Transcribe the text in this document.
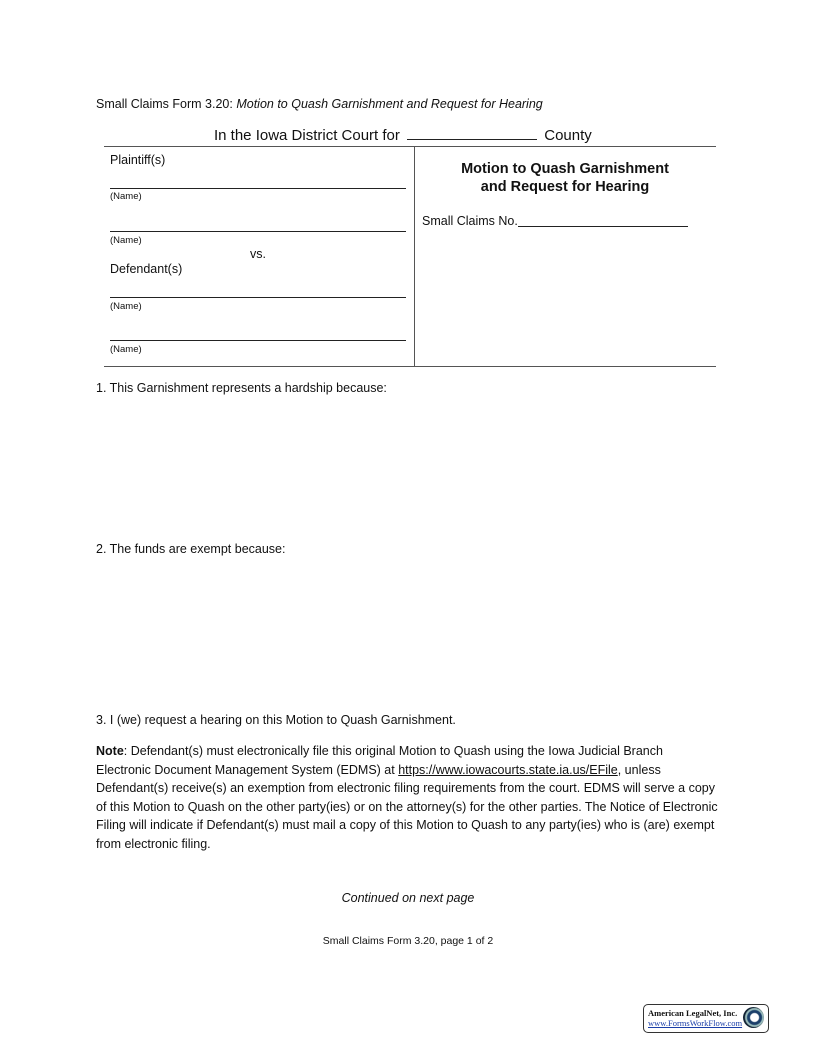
Small Claims Form 3.20: Motion to Quash Garnishment and Request for Hearing
In the Iowa District Court for	County
Plaintiff(s)
(Name)
(Name)
vs.
Defendant(s)
(Name)
(Name)
Motion to Quash Garnishment
and Request for Hearing
Small Claims No.
1. This Garnishment represents a hardship because:
2. The funds are exempt because:
3. I (we) request a hearing on this Motion to Quash Garnishment.
Note: Defendant(s) must electronically file this original Motion to Quash using the Iowa Judicial Branch Electronic Document Management System (EDMS) at https://www.iowacourts.state.ia.us/EFile, unless Defendant(s) receive(s) an exemption from electronic filing requirements from the court. EDMS will serve a copy of this Motion to Quash on the other party(ies) or on the attorney(s) for the other parties. The Notice of Electronic Filing will indicate if Defendant(s) must mail a copy of this Motion to Quash to any party(ies) who is (are) exempt from electronic filing.
Continued on next page
Small Claims Form 3.20, page 1 of 2
American LegalNet, Inc.
www.FormsWorkFlow.com
